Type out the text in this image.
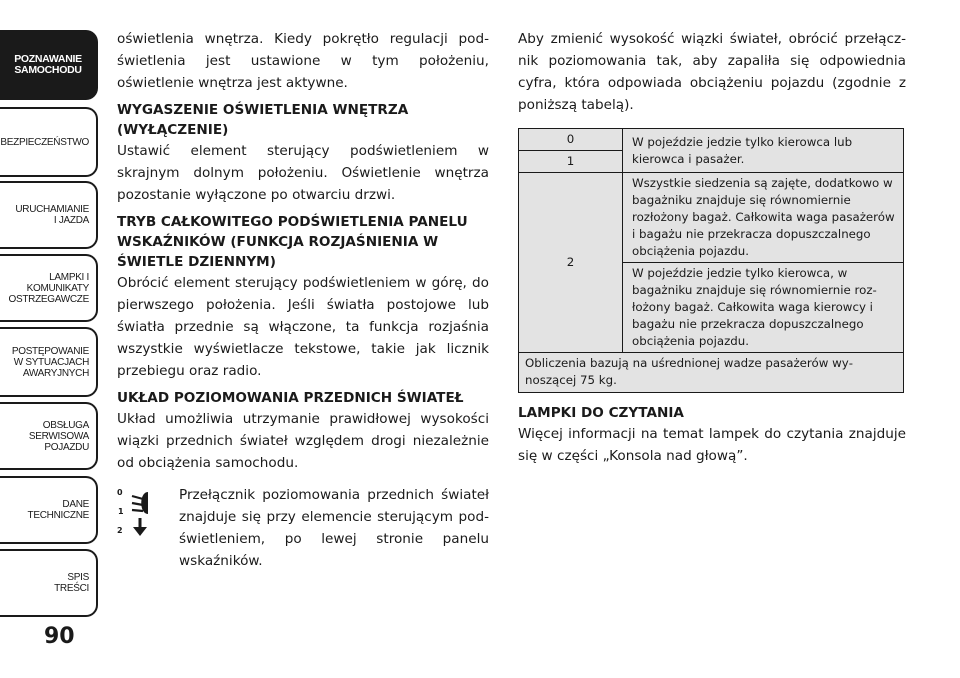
POZNAWANIE
SAMOCHODU
BEZPIECZEŃSTWO
URUCHAMIANIE
I JAZDA
LAMPKI I
KOMUNIKATY
OSTRZEGAWCZE
POSTĘPOWANIE
W SYTUACJACH
AWARYJNYCH
OBSŁUGA
SERWISOWA
POJAZDU
DANE
TECHNICZNE
SPIS
TREŚCI
90

oświetlenia wnętrza. Kiedy pokrętło regulacji podświetlenia jest ustawione w tym położeniu, oświetlenie wnętrza jest aktywne.

WYGASZENIE OŚWIETLENIA WNĘTRZA (WYŁĄCZENIE)

Ustawić element sterujący podświetleniem w skrajnym dolnym położeniu. Oświetlenie wnętrza pozostanie wyłączone po otwarciu drzwi.

TRYB CAŁKOWITEGO PODŚWIETLENIA PANELU WSKAŹNIKÓW (FUNKCJA ROZJAŚNIENIA W ŚWIETLE DZIENNYM)

Obrócić element sterujący podświetleniem w górę, do pierwszego położenia. Jeśli światła postojowe lub światła przednie są włączone, ta funkcja rozjaśnia wszystkie wyświetlacze tekstowe, takie jak licznik przebiegu oraz radio.

UKŁAD POZIOMOWANIA PRZEDNICH ŚWIATEŁ

Układ umożliwia utrzymanie prawidłowej wysokości wiązki przednich świateł względem drogi niezależnie od obciążenia samochodu.

0
1
2

Przełącznik poziomowania przednich świateł znajduje się przy elemencie sterującym podświetleniem, po lewej stronie panelu wskaźników.

Aby zmienić wysokość wiązki świateł, obrócić przełącznik poziomowania tak, aby zapaliła się odpowiednia cyfra, która odpowiada obciążeniu pojazdu (zgodnie z poniższą tabelą).

0	W pojeździe jedzie tylko kierowca lub kierowca i pasażer.
1	
2	Wszystkie siedzenia są zajęte, dodatkowo w bagażniku znajduje się równomiernie rozłożony bagaż. Całkowita waga pasażerów i bagażu nie przekracza dopuszczalnego obciążenia pojazdu.
	W pojeździe jedzie tylko kierowca, w bagażniku znajduje się równomiernie rozłożony bagaż. Całkowita waga kierowcy i bagażu nie przekracza dopuszczalnego obciążenia pojazdu.
Obliczenia bazują na uśrednionej wadze pasażerów wynoszącej 75 kg.	
LAMPKI DO CZYTANIA

Więcej informacji na temat lampek do czytania znajduje się w części „Konsola nad głową”.
